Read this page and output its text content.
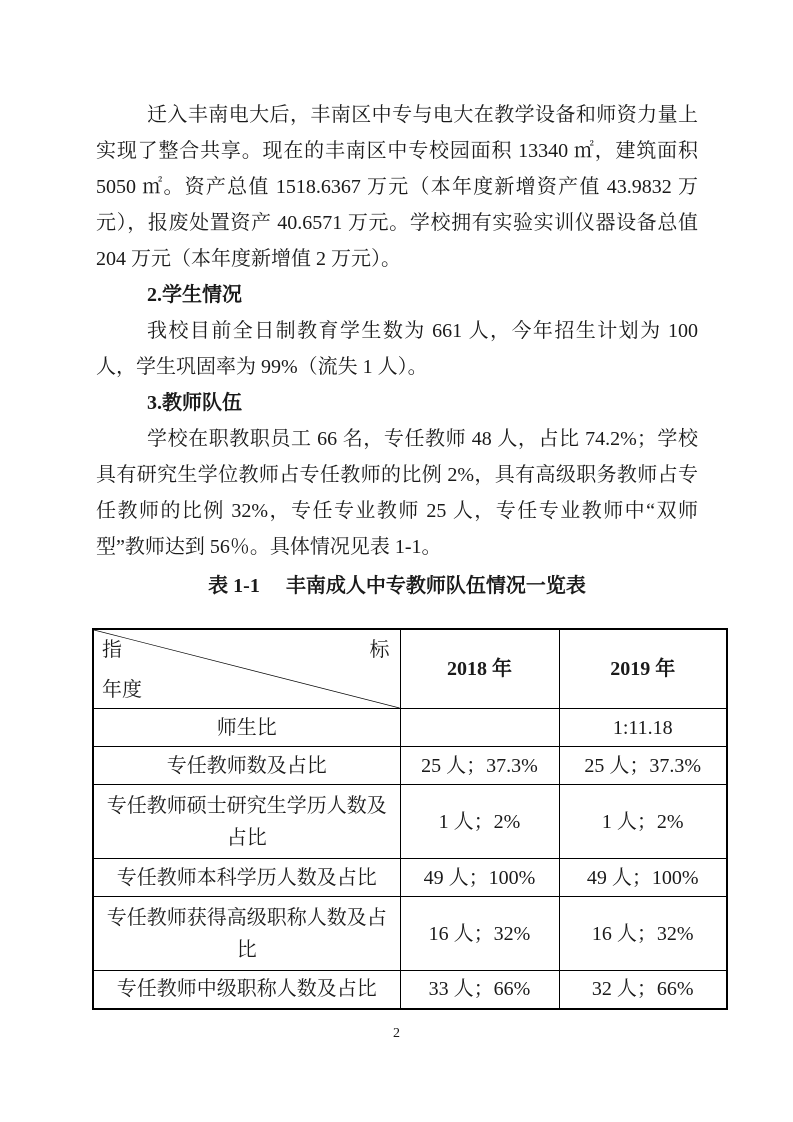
迁入丰南电大后，丰南区中专与电大在教学设备和师资力量上实现了整合共享。现在的丰南区中专校园面积 13340 ㎡，建筑面积 5050 ㎡。资产总值 1518.6367 万元（本年度新增资产值 43.9832 万元），报废处置资产 40.6571 万元。学校拥有实验实训仪器设备总值 204 万元（本年度新增值 2 万元）。

2.学生情况

我校目前全日制教育学生数为 661 人，今年招生计划为 100 人，学生巩固率为 99%（流失 1 人）。

3.教师队伍

学校在职教职员工 66 名，专任教师 48 人，占比 74.2%；学校具有研究生学位教师占专任教师的比例 2%，具有高级职务教师占专任教师的比例 32%，专任专业教师 25 人，专任专业教师中“双师型”教师达到 56％。具体情况见表 1-1。

表 1-1 丰南成人中专教师队伍情况一览表

指 标
年度	2018 年	2019 年
师生比		1:11.18
专任教师数及占比	25 人；37.3%	25 人；37.3%
专任教师硕士研究生学历人数及占比	1 人；2%	1 人；2%
专任教师本科学历人数及占比	49 人；100%	49 人；100%
专任教师获得高级职称人数及占比	16 人；32%	16 人；32%
专任教师中级职称人数及占比	33 人；66%	32 人；66%
2
